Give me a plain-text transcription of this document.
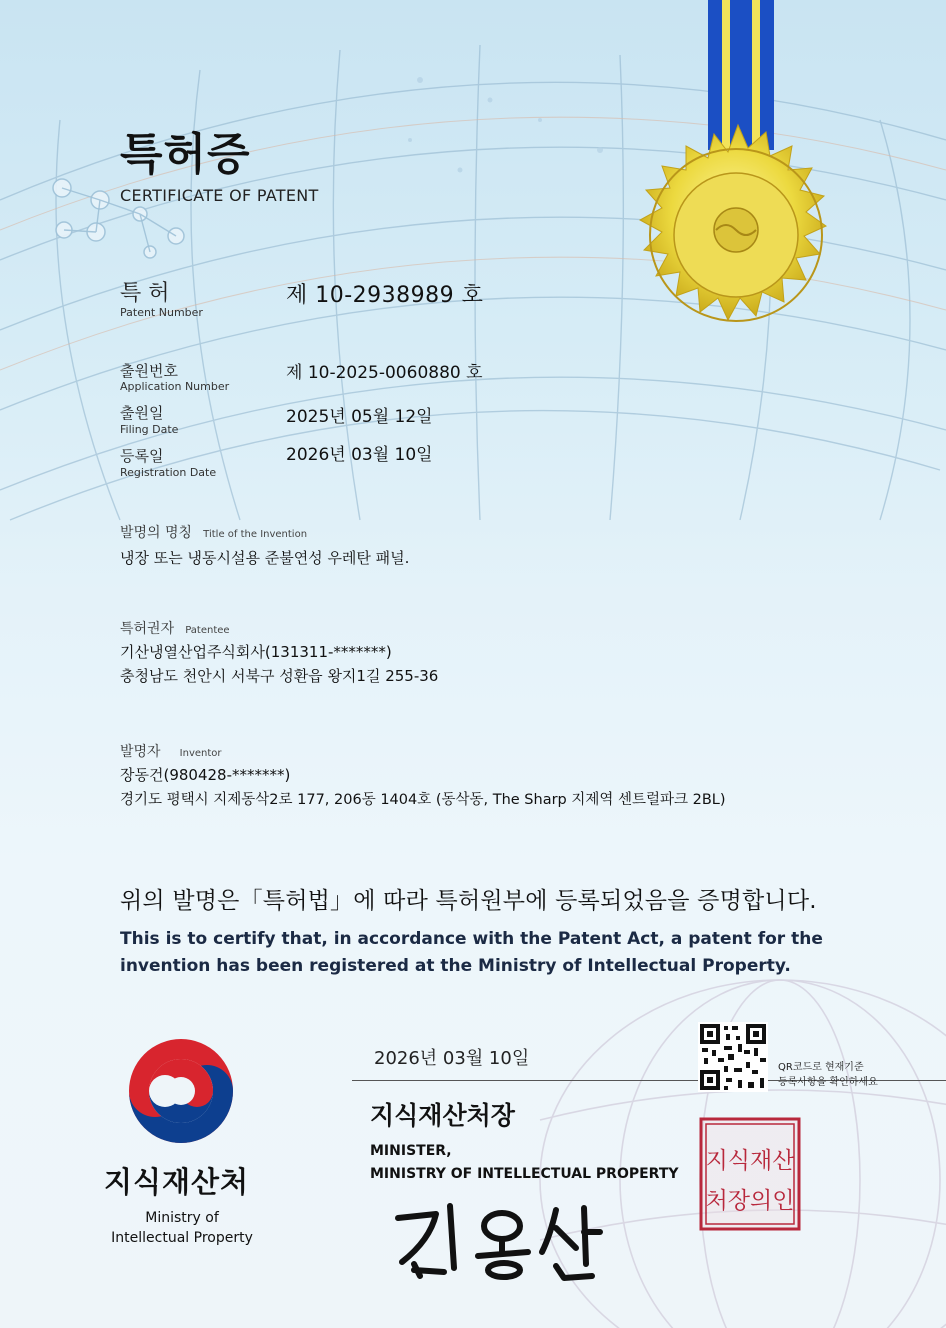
특허증
CERTIFICATE OF PATENT
특 허
Patent Number
제 10-2938989 호
출원번호
Application Number
제 10-2025-0060880 호
출원일
Filing Date
2025년 05월 12일
등록일
Registration Date
2026년 03월 10일
발명의 명칭 Title of the Invention
냉장 또는 냉동시설용 준불연성 우레탄 패널.
특허권자 Patentee
기산냉열산업주식회사(131311-*******)
충청남도 천안시 서북구 성환읍 왕지1길 255-36
발명자 Inventor
장동건(980428-*******)
경기도 평택시 지제동삭2로 177, 206동 1404호 (동삭동, The Sharp 지제역 센트럴파크 2BL)
위의 발명은「특허법」에 따라 특허원부에 등록되었음을 증명합니다.
This is to certify that, in accordance with the Patent Act, a patent for the invention has been registered at the Ministry of Intellectual Property.
지식재산처
Ministry of
Intellectual Property
2026년 03월 10일
지식재산처장
MINISTER,
MINISTRY OF INTELLECTUAL PROPERTY
QR코드로 현재기준
등록사항을 확인하세요
지식재산
처장의인
